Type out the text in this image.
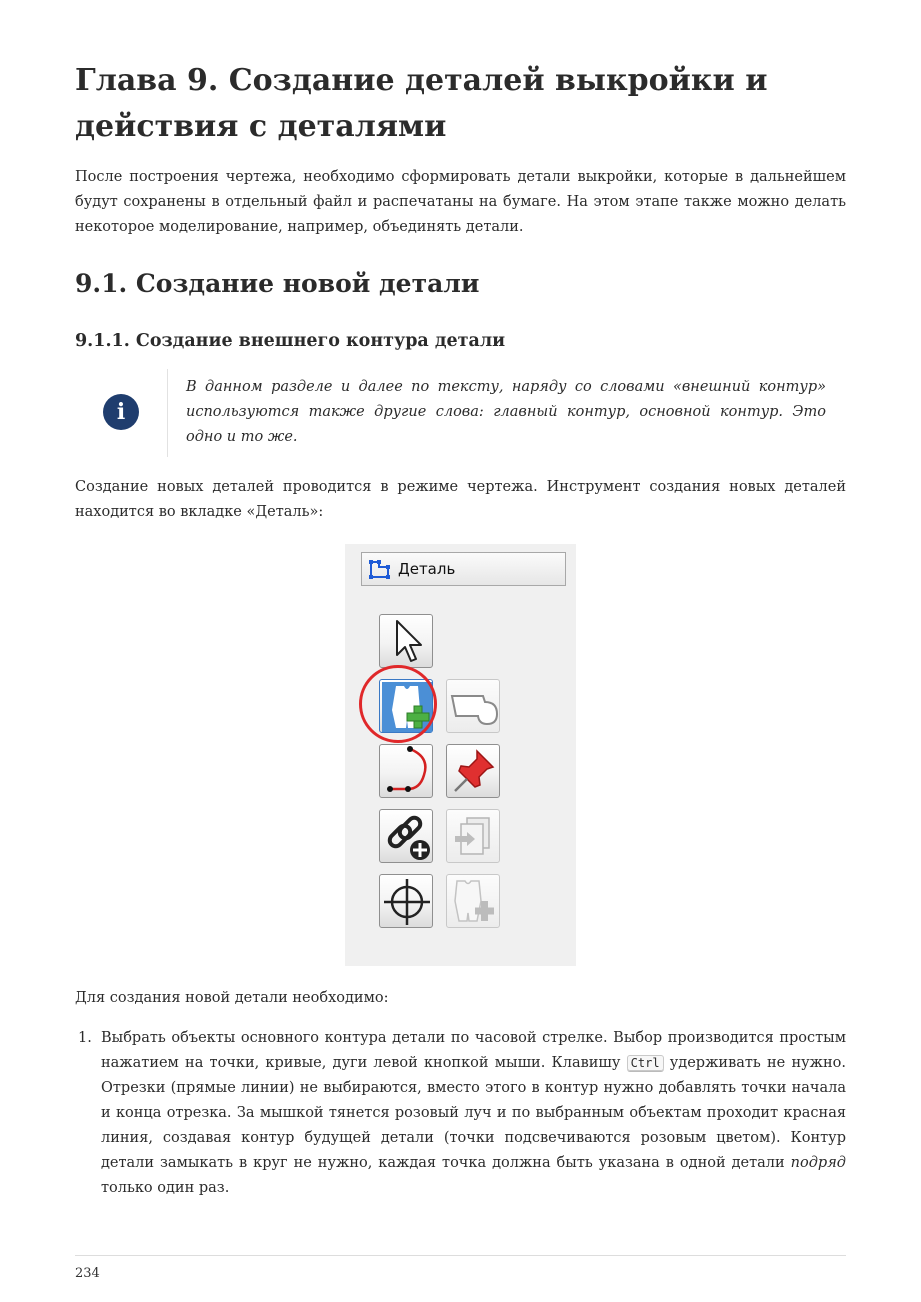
Глава 9. Создание деталей выкройки и действия с деталями

После построения чертежа, необходимо сформировать детали выкройки, которые в дальнейшем будут сохранены в отдельный файл и распечатаны на бумаге. На этом этапе также можно делать некоторое моделирование, например, объединять детали.

9.1. Создание новой детали
9.1.1. Создание внешнего контура детали
i

В данном разделе и далее по тексту, наряду со словами «внешний контур» используются также другие слова: главный контур, основной контур. Это одно и то же.

Создание новых деталей проводится в режиме чертежа. Инструмент создания новых деталей находится во вкладке «Деталь»:

Деталь

Для создания новой детали необходимо:

1. Выбрать объекты основного контура детали по часовой стрелке. Выбор производится простым нажатием на точки, кривые, дуги левой кнопкой мыши. Клавишу Ctrl удерживать не нужно. Отрезки (прямые линии) не выбираются, вместо этого в контур нужно добавлять точки начала и конца отрезка. За мышкой тянется розовый луч и по выбранным объектам проходит красная линия, создавая контур будущей детали (точки подсвечиваются розовым цветом). Контур детали замыкать в круг не нужно, каждая точка должна быть указана в одной детали подряд только один раз.
234
